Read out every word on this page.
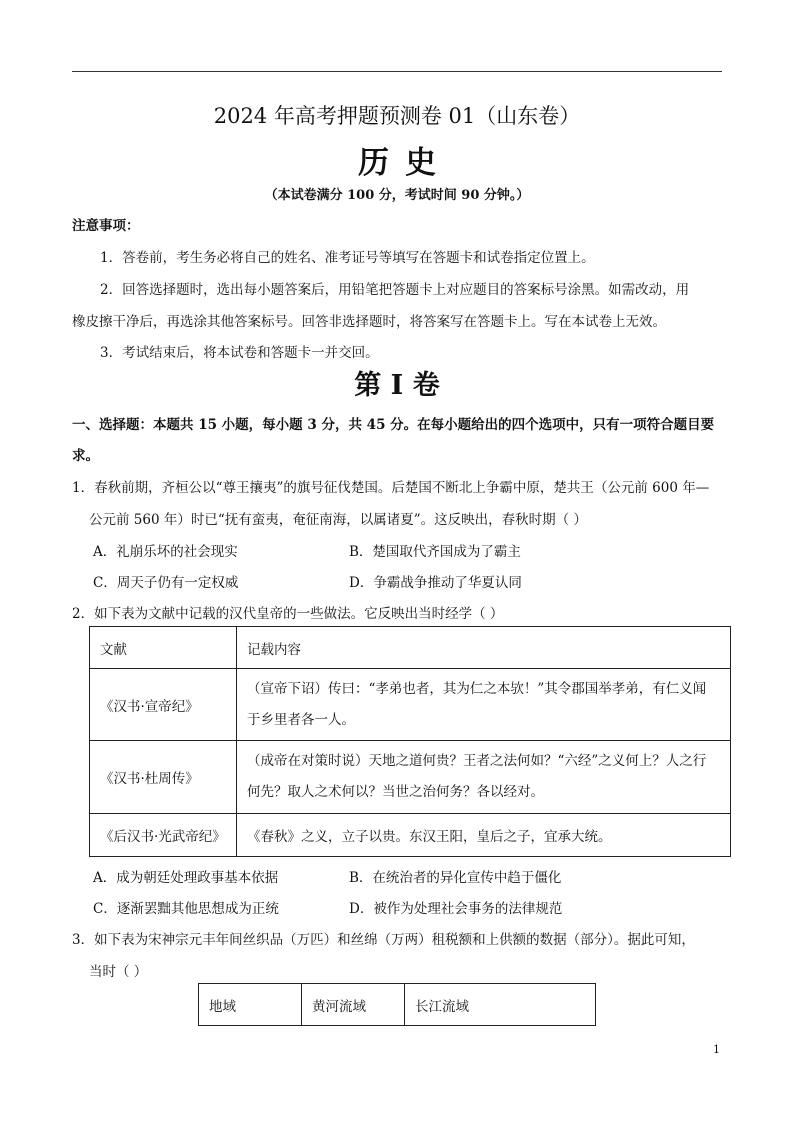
2024 年高考押题预测卷 01（山东卷）
历史
（本试卷满分 100 分，考试时间 90 分钟。）
注意事项：
1．答卷前，考生务必将自己的姓名、准考证号等填写在答题卡和试卷指定位置上。
2．回答选择题时，选出每小题答案后，用铅笔把答题卡上对应题目的答案标号涂黑。如需改动，用
橡皮擦干净后，再选涂其他答案标号。回答非选择题时，将答案写在答题卡上。写在本试卷上无效。
3．考试结束后，将本试卷和答题卡一并交回。
第 I 卷
一、选择题：本题共 15 小题，每小题 3 分，共 45 分。在每小题给出的四个选项中，只有一项符合题目要
求。
1．春秋前期，齐桓公以“尊王攘夷”的旗号征伐楚国。后楚国不断北上争霸中原，楚共王（公元前 600 年—
公元前 560 年）时已“抚有蛮夷，奄征南海，以属诸夏”。这反映出，春秋时期（ ）
A．礼崩乐坏的社会现实	B．楚国取代齐国成为了霸主
C．周天子仍有一定权威	D．争霸战争推动了华夏认同
2．如下表为文献中记载的汉代皇帝的一些做法。它反映出当时经学（ ）
文献	记载内容
《汉书·宣帝纪》	（宣帝下诏）传曰：“孝弟也者，其为仁之本欤！”其令郡国举孝弟，有仁义闻
于乡里者各一人。

《汉书·杜周传》	（成帝在对策时说）天地之道何贵？王者之法何如？“六经”之义何上？人之行
何先？取人之术何以？当世之治何务？各以经对。

《后汉书·光武帝纪》	《春秋》之义，立子以贵。东汉王阳，皇后之子，宜承大统。
A．成为朝廷处理政事基本依据	B．在统治者的异化宣传中趋于僵化
C．逐渐罢黜其他思想成为正统	D．被作为处理社会事务的法律规范
3．如下表为宋神宗元丰年间丝织品（万匹）和丝绵（万两）租税额和上供额的数据（部分）。据此可知，
当时（ ）
地域	黄河流域	长江流域
1
